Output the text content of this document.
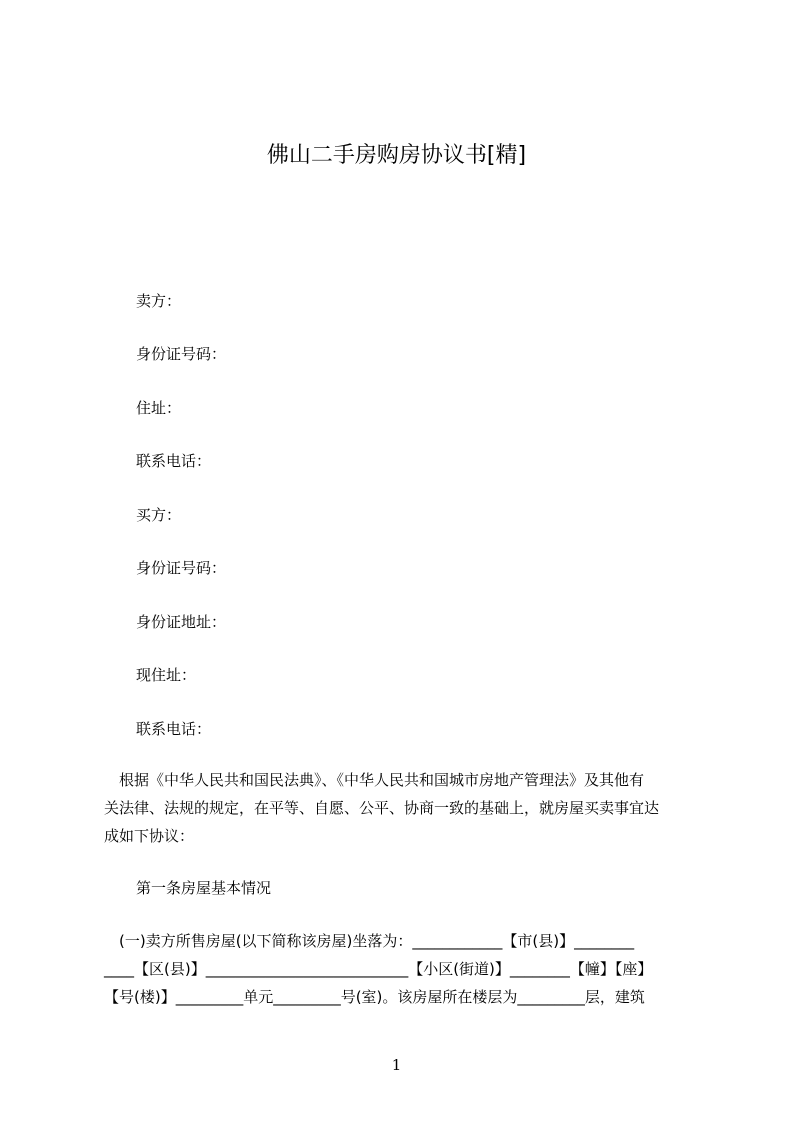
佛山二手房购房协议书[精]
卖方：
身份证号码：
住址：
联系电话：
买方：
身份证号码：
身份证地址：
现住址：
联系电话：
　根据《中华人民共和国民法典》、《中华人民共和国城市房地产管理法》及其他有
关法律、法规的规定，在平等、自愿、公平、协商一致的基础上，就房屋买卖事宜达
成如下协议：
第一条房屋基本情况
　(一)卖方所售房屋(以下简称该房屋)坐落为：____________【市(县)】________
____【区(县)】___________________________【小区(街道)】________【幢】【座】
【号(楼)】_________单元_________号(室)。该房屋所在楼层为_________层，建筑
1
